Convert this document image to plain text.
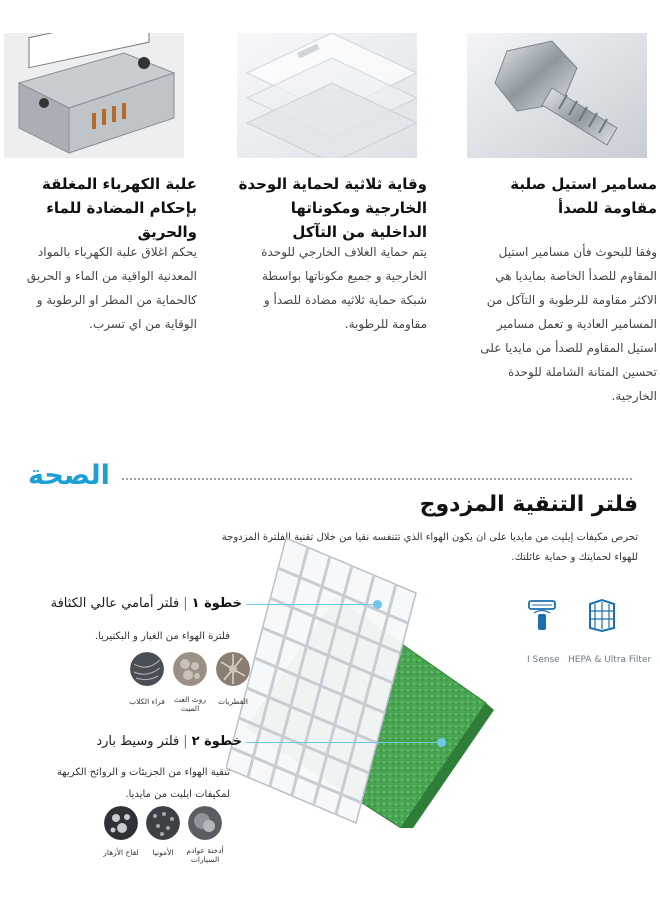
مسامير استيل صلبة مقاومة للصدأ
وفقا للبحوث فأن مسامير استيل المقاوم للصدأ الخاصة بمايديا هي الاكثر مقاومة للرطوبة و التآكل من المسامير العادية و تعمل مسامير استيل المقاوم للصدأ من مايديا على تحسين المتانة الشاملة للوحدة الخارجية.
وقاية ثلاثية لحماية الوحدة الخارجية ومكوناتها الداخلية من التآكل
يتم حماية الغلاف الخارجي للوحدة الخارجية و جميع مكوناتها بواسطة شبكة حماية ثلاثيه مضادة للصدأ و مقاومة للرطوبة.
علبة الكهرباء المغلقة بإحكام المضادة للماء والحريق
يحكم اغلاق علبة الكهرباء بالمواد المعدنية الواقية من الماء و الحريق كالحماية من المطر او الرطوبة و الوقاية من اي تسرب.
الصحة
فلتر التنقية المزدوج
تحرص مكيفات إيليت من مايديا على ان يكون الهواء الذي تتنفسه نقيا من خلال تقنية الفلترة المزدوجة للهواء لحمايتك و حماية عائلتك.
HEPA & Ultra Filter
I Sense
خطوة ١|فلتر أمامي عالي الكثافة
فلترة الهواء من الغبار و البكتيريا.
الفطريات
روث العث الميت
فراء الكلاب
خطوة ٢|فلتر وسيط بارد
تنقية الهواء من الجزيئات و الروائح الكريهة لمكيفات ايليت من مايديا.
أدخنة عوادم السيارات
الأمونيا
لقاح الأزهار
